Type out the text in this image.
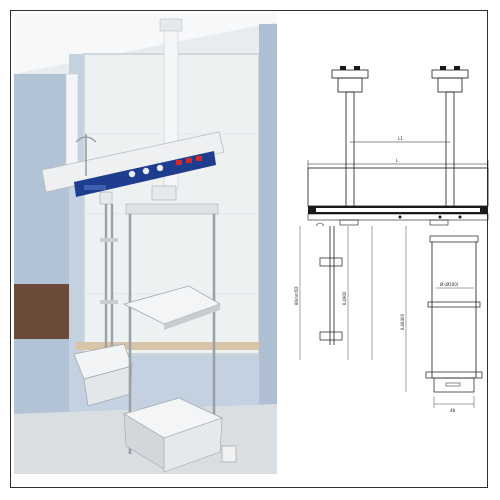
L1
L
80mm5D	IL4900
Ø (Ø100)
IL46400
48
